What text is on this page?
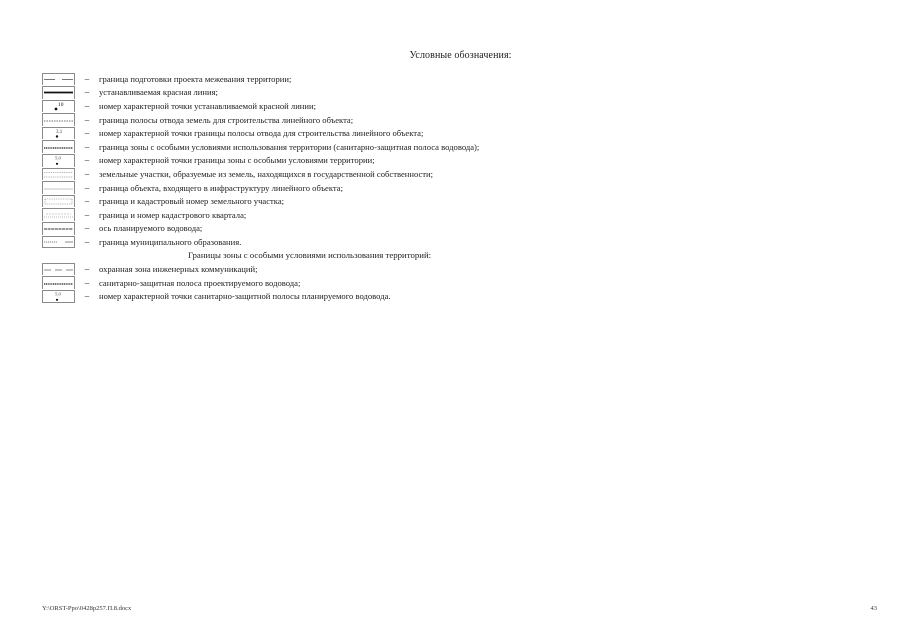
Условные обозначения:
–	граница подготовки проекта межевания территории;
–	устанавливаемая красная линия;
10	–	номер характерной точки устанавливаемой красной линии;
–	граница полосы отвода земель для строительства линейного объекта;
3.1	–	номер характерной точки границы полосы отвода для строительства линейного объекта;
–	граница зоны с особыми условиями использования территории (санитарно-защитная полоса водовода);
5.0	–	номер характерной точки границы зоны с особыми условиями территории;
–	земельные участки, образуемые из земель, находящихся в государственной собственности;
–	граница объекта, входящего в инфраструктуру линейного объекта;
–	граница и кадастровый номер земельного участка;
–	граница и номер кадастрового квартала;
–	ось планируемого водовода;
–	граница муниципального образования.
Границы зоны с особыми условиями использования территорий:
–	охранная зона инженерных коммуникаций;
–	санитарно-защитная полоса проектируемого водовода;
5.0	–	номер характерной точки санитарно-защитной полосы планируемого водовода.
Y:\ORST-Ppo\0428p257.П.8.docx	43
